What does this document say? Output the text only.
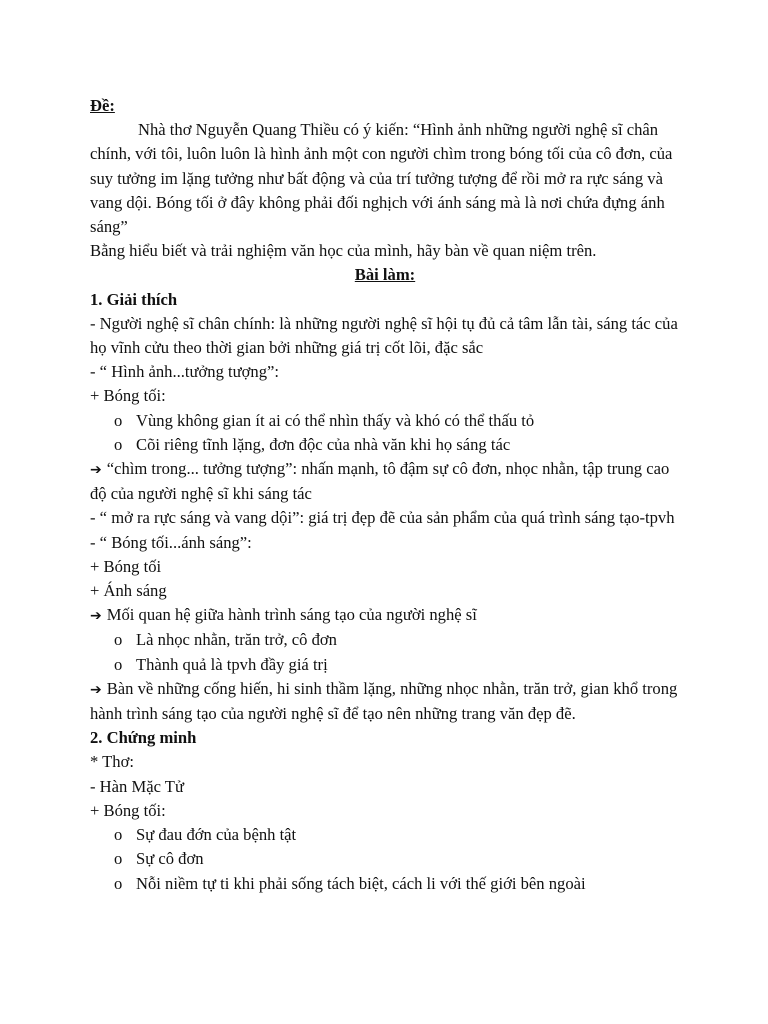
Đề:

Nhà thơ Nguyễn Quang Thiều có ý kiến: “Hình ảnh những người nghệ sĩ chân chính, với tôi, luôn luôn là hình ảnh một con người chìm trong bóng tối của cô đơn, của suy tưởng im lặng tưởng như bất động và của trí tưởng tượng để rồi mở ra rực sáng và vang dội. Bóng tối ở đây không phải đối nghịch với ánh sáng mà là nơi chứa đựng ánh sáng”

Bằng hiểu biết và trải nghiệm văn học của mình, hãy bàn về quan niệm trên.

Bài làm:

1. Giải thích

- Người nghệ sĩ chân chính: là những người nghệ sĩ hội tụ đủ cả tâm lẫn tài, sáng tác của họ vĩnh cửu theo thời gian bởi những giá trị cốt lõi, đặc sắc

- “ Hình ảnh...tưởng tượng”:

+ Bóng tối:

o Vùng không gian ít ai có thể nhìn thấy và khó có thể thấu tỏ

o Cõi riêng tĩnh lặng, đơn độc của nhà văn khi họ sáng tác

➔ “chìm trong... tưởng tượng”: nhấn mạnh, tô đậm sự cô đơn, nhọc nhằn, tập trung cao độ của người nghệ sĩ khi sáng tác

- “ mở ra rực sáng và vang dội”: giá trị đẹp đẽ của sản phẩm của quá trình sáng tạo-tpvh

- “ Bóng tối...ánh sáng”:

+ Bóng tối

+ Ánh sáng

➔ Mối quan hệ giữa hành trình sáng tạo của người nghệ sĩ

o Là nhọc nhằn, trăn trở, cô đơn

o Thành quả là tpvh đầy giá trị

➔ Bàn về những cống hiến, hi sinh thầm lặng, những nhọc nhằn, trăn trở, gian khổ trong hành trình sáng tạo của người nghệ sĩ để tạo nên những trang văn đẹp đẽ.

2. Chứng minh

* Thơ:

- Hàn Mặc Tử

+ Bóng tối:

o Sự đau đớn của bệnh tật

o Sự cô đơn

o Nỗi niềm tự ti khi phải sống tách biệt, cách li với thế giới bên ngoài
